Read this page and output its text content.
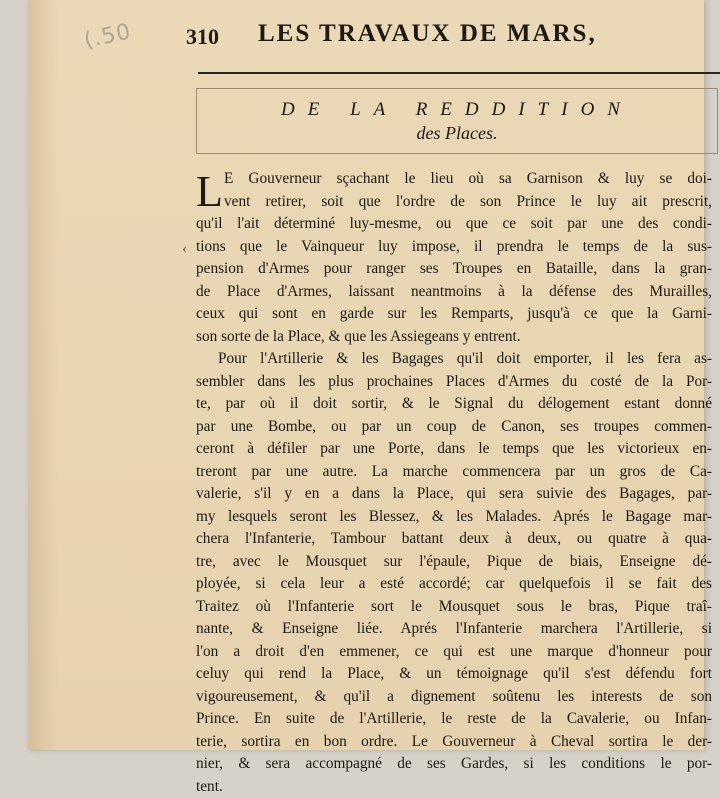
(.50 310 LES TRAVAUX DE MARS,
DE LA REDDITION
des Places.
‹
L E Gouverneur sçachant le lieu où sa Garnison & luy se doi-
vent retirer, soit que l'ordre de son Prince le luy ait prescrit,
qu'il l'ait déterminé luy-mesme, ou que ce soit par une des condi-
tions que le Vainqueur luy impose, il prendra le temps de la sus-
pension d'Armes pour ranger ses Troupes en Bataille, dans la gran-
de Place d'Armes, laissant neantmoins à la défense des Murailles,
ceux qui sont en garde sur les Remparts, jusqu'à ce que la Garni-
son sorte de la Place, & que les Assiegeans y entrent.
Pour l'Artillerie & les Bagages qu'il doit emporter, il les fera as-
sembler dans les plus prochaines Places d'Armes du costé de la Por-
te, par où il doit sortir, & le Signal du délogement estant donné
par une Bombe, ou par un coup de Canon, ses troupes commen-
ceront à défiler par une Porte, dans le temps que les victorieux en-
treront par une autre. La marche commencera par un gros de Ca-
valerie, s'il y en a dans la Place, qui sera suivie des Bagages, par-
my lesquels seront les Blessez, & les Malades. Aprés le Bagage mar-
chera l'Infanterie, Tambour battant deux à deux, ou quatre à qua-
tre, avec le Mousquet sur l'épaule, Pique de biais, Enseigne dé-
ployée, si cela leur a esté accordé; car quelquefois il se fait des
Traitez où l'Infanterie sort le Mousquet sous le bras, Pique traî-
nante, & Enseigne liée. Aprés l'Infanterie marchera l'Artillerie, si
l'on a droit d'en emmener, ce qui est une marque d'honneur pour
celuy qui rend la Place, & un témoignage qu'il s'est défendu fort
vigoureusement, & qu'il a dignement soûtenu les interests de son
Prince. En suite de l'Artillerie, le reste de la Cavalerie, ou Infan-
terie, sortira en bon ordre. Le Gouverneur à Cheval sortira le der-
nier, & sera accompagné de ses Gardes, si les conditions le por-
tent.
